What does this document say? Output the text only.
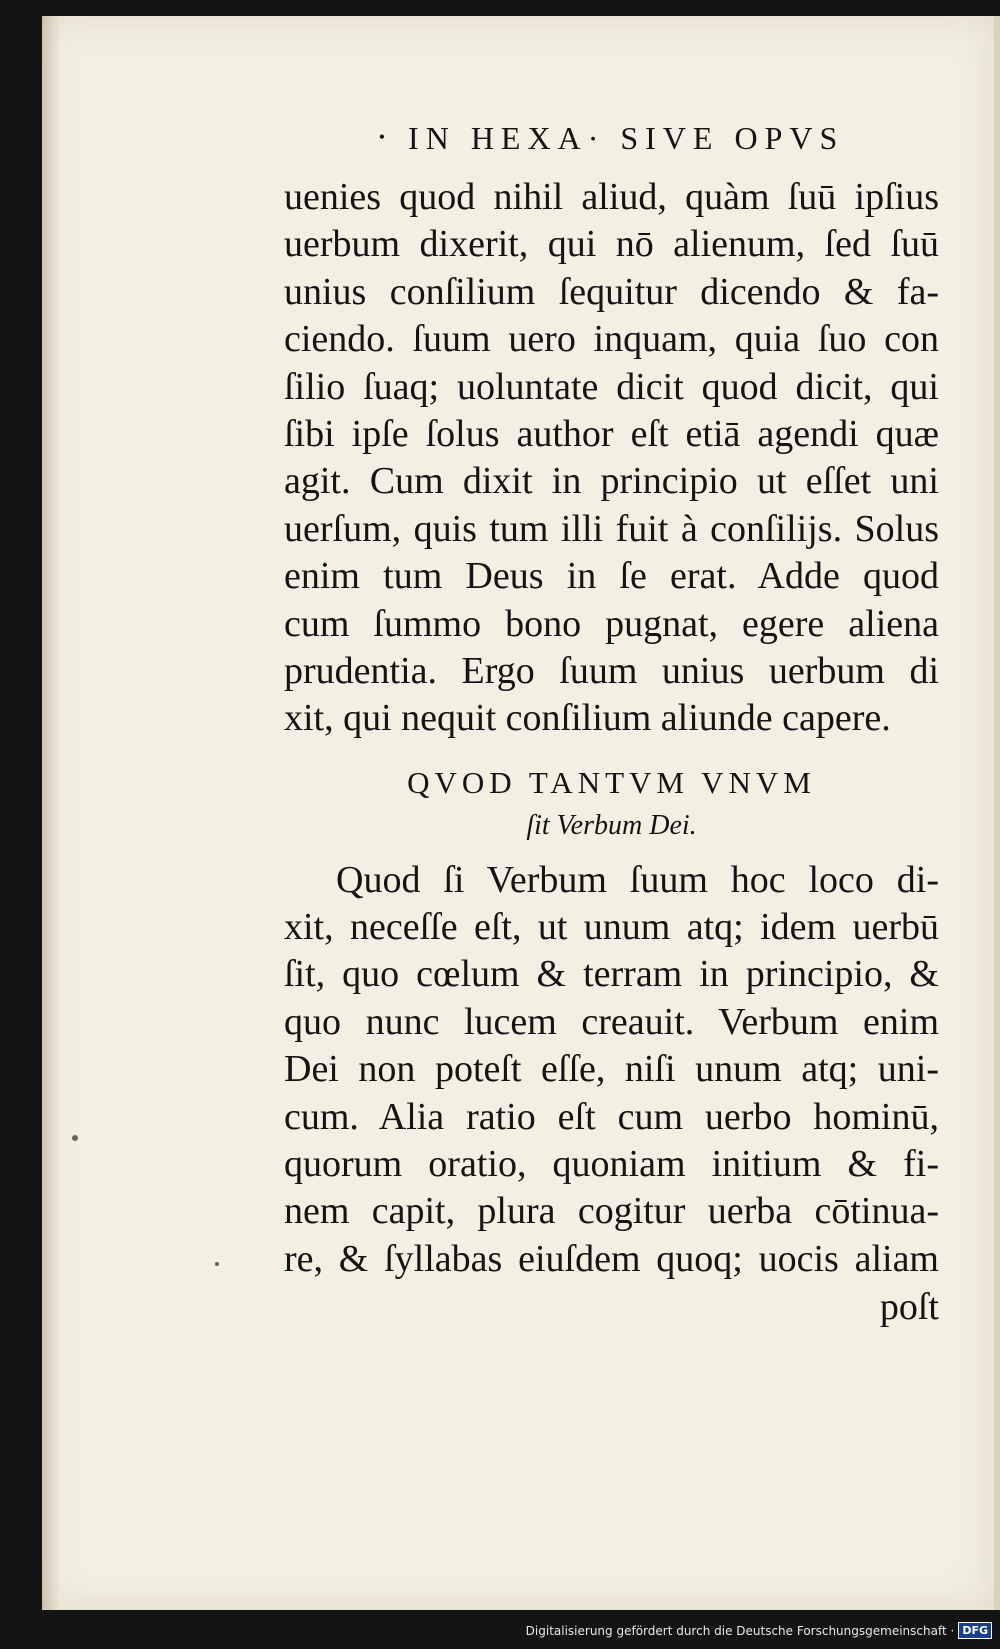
• IN HEXA· SIVE OPVS
uenies quod nihil aliud, quàm ſuū ipſius
uerbum dixerit, qui nō alienum, ſed ſuū
unius conſilium ſequitur dicendo & fa-
ciendo. ſuum uero inquam, quia ſuo con
ſilio ſuaq; uoluntate dicit quod dicit, qui
ſibi ipſe ſolus author eſt etiā agendi quæ
agit. Cum dixit in principio ut eſſet uni
uerſum, quis tum illi fuit à conſilijs. Solus
enim tum Deus in ſe erat. Adde quod
cum ſummo bono pugnat, egere aliena
prudentia. Ergo ſuum unius uerbum di
xit, qui nequit conſilium aliunde capere.
QVOD TANTVM VNVM
ſit Verbum Dei.
Quod ſi Verbum ſuum hoc loco di-
xit, neceſſe eſt, ut unum atq; idem uerbū
ſit, quo cœlum & terram in principio, &
quo nunc lucem creauit. Verbum enim
Dei non poteſt eſſe, niſi unum atq; uni-
cum. Alia ratio eſt cum uerbo hominū,
quorum oratio, quoniam initium & fi-
nem capit, plura cogitur uerba cōtinua-
re, & ſyllabas eiuſdem quoq; uocis aliam
poſt
Digitalisierung gefördert durch die Deutsche Forschungsgemeinschaft · DFG
